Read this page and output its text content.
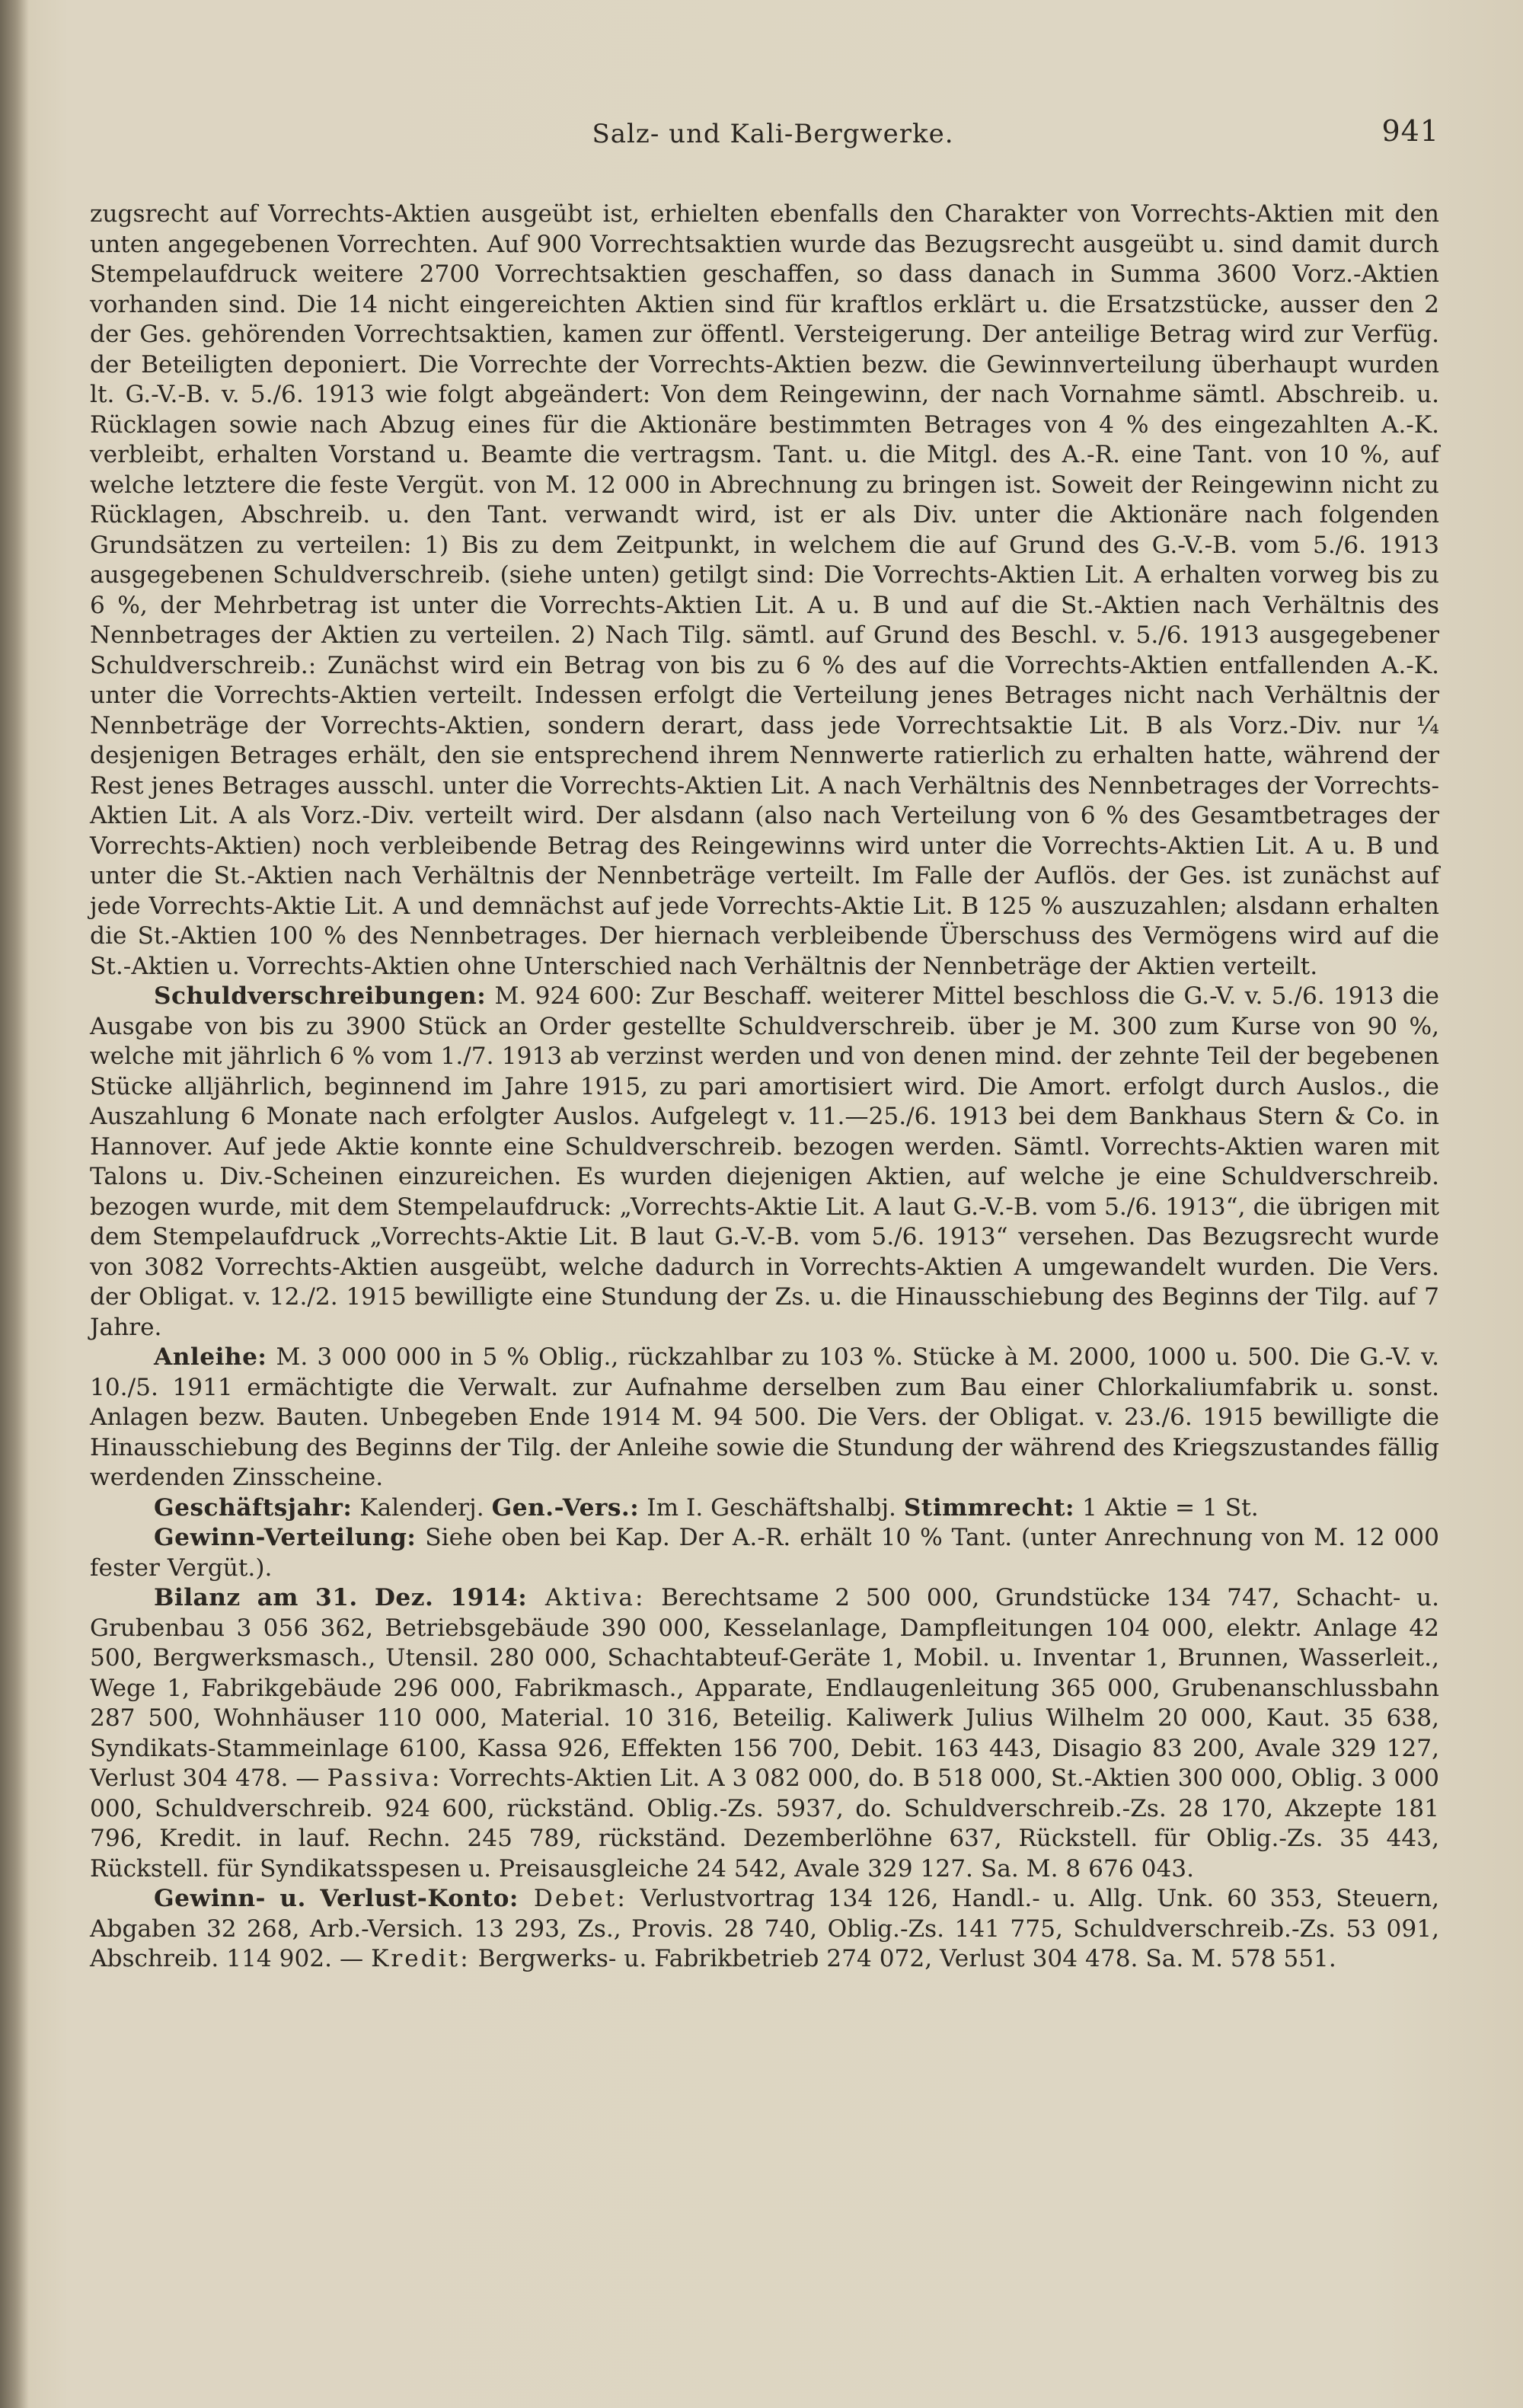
Salz- und Kali-Bergwerke.	941

zugsrecht auf Vorrechts-Aktien ausgeübt ist, erhielten ebenfalls den Charakter von Vorrechts-Aktien mit den unten angegebenen Vorrechten. Auf 900 Vorrechtsaktien wurde das Bezugsrecht ausgeübt u. sind damit durch Stempelaufdruck weitere 2700 Vorrechtsaktien geschaffen, so dass danach in Summa 3600 Vorz.-Aktien vorhanden sind. Die 14 nicht eingereichten Aktien sind für kraftlos erklärt u. die Ersatzstücke, ausser den 2 der Ges. gehörenden Vorrechtsaktien, kamen zur öffentl. Versteigerung. Der anteilige Betrag wird zur Verfüg. der Beteiligten deponiert. Die Vorrechte der Vorrechts-Aktien bezw. die Gewinnverteilung überhaupt wurden lt. G.-V.-B. v. 5./6. 1913 wie folgt abgeändert: Von dem Reingewinn, der nach Vornahme sämtl. Abschreib. u. Rücklagen sowie nach Abzug eines für die Aktionäre bestimmten Betrages von 4 % des eingezahlten A.-K. verbleibt, erhalten Vorstand u. Beamte die vertragsm. Tant. u. die Mitgl. des A.-R. eine Tant. von 10 %, auf welche letztere die feste Vergüt. von M. 12 000 in Abrechnung zu bringen ist. Soweit der Reingewinn nicht zu Rücklagen, Abschreib. u. den Tant. verwandt wird, ist er als Div. unter die Aktionäre nach folgenden Grundsätzen zu verteilen: 1) Bis zu dem Zeitpunkt, in welchem die auf Grund des G.-V.-B. vom 5./6. 1913 ausgegebenen Schuldverschreib. (siehe unten) getilgt sind: Die Vorrechts-Aktien Lit. A erhalten vorweg bis zu 6 %, der Mehrbetrag ist unter die Vorrechts-Aktien Lit. A u. B und auf die St.-Aktien nach Verhältnis des Nennbetrages der Aktien zu verteilen. 2) Nach Tilg. sämtl. auf Grund des Beschl. v. 5./6. 1913 ausgegebener Schuldverschreib.: Zunächst wird ein Betrag von bis zu 6 % des auf die Vorrechts-Aktien entfallenden A.-K. unter die Vorrechts-Aktien verteilt. Indessen erfolgt die Verteilung jenes Betrages nicht nach Verhältnis der Nennbeträge der Vorrechts-Aktien, sondern derart, dass jede Vorrechtsaktie Lit. B als Vorz.-Div. nur ¼ desjenigen Betrages erhält, den sie entsprechend ihrem Nennwerte ratierlich zu erhalten hatte, während der Rest jenes Betrages ausschl. unter die Vorrechts-Aktien Lit. A nach Verhältnis des Nennbetrages der Vorrechts-Aktien Lit. A als Vorz.-Div. verteilt wird. Der alsdann (also nach Verteilung von 6 % des Gesamtbetrages der Vorrechts-Aktien) noch verbleibende Betrag des Reingewinns wird unter die Vorrechts-Aktien Lit. A u. B und unter die St.-Aktien nach Verhältnis der Nennbeträge verteilt. Im Falle der Auflös. der Ges. ist zunächst auf jede Vorrechts-Aktie Lit. A und demnächst auf jede Vorrechts-Aktie Lit. B 125 % auszuzahlen; alsdann erhalten die St.-Aktien 100 % des Nennbetrages. Der hiernach verbleibende Überschuss des Vermögens wird auf die St.-Aktien u. Vorrechts-Aktien ohne Unterschied nach Verhältnis der Nennbeträge der Aktien verteilt.

Schuldverschreibungen: M. 924 600: Zur Beschaff. weiterer Mittel beschloss die G.-V. v. 5./6. 1913 die Ausgabe von bis zu 3900 Stück an Order gestellte Schuldverschreib. über je M. 300 zum Kurse von 90 %, welche mit jährlich 6 % vom 1./7. 1913 ab verzinst werden und von denen mind. der zehnte Teil der begebenen Stücke alljährlich, beginnend im Jahre 1915, zu pari amortisiert wird. Die Amort. erfolgt durch Auslos., die Auszahlung 6 Monate nach erfolgter Auslos. Aufgelegt v. 11.—25./6. 1913 bei dem Bankhaus Stern & Co. in Hannover. Auf jede Aktie konnte eine Schuldverschreib. bezogen werden. Sämtl. Vorrechts-Aktien waren mit Talons u. Div.-Scheinen einzureichen. Es wurden diejenigen Aktien, auf welche je eine Schuldverschreib. bezogen wurde, mit dem Stempelaufdruck: „Vorrechts-Aktie Lit. A laut G.-V.-B. vom 5./6. 1913“, die übrigen mit dem Stempelaufdruck „Vorrechts-Aktie Lit. B laut G.-V.-B. vom 5./6. 1913“ versehen. Das Bezugsrecht wurde von 3082 Vorrechts-Aktien ausgeübt, welche dadurch in Vorrechts-Aktien A umgewandelt wurden. Die Vers. der Obligat. v. 12./2. 1915 bewilligte eine Stundung der Zs. u. die Hinausschiebung des Beginns der Tilg. auf 7 Jahre.

Anleihe: M. 3 000 000 in 5 % Oblig., rückzahlbar zu 103 %. Stücke à M. 2000, 1000 u. 500. Die G.-V. v. 10./5. 1911 ermächtigte die Verwalt. zur Aufnahme derselben zum Bau einer Chlorkaliumfabrik u. sonst. Anlagen bezw. Bauten. Unbegeben Ende 1914 M. 94 500. Die Vers. der Obligat. v. 23./6. 1915 bewilligte die Hinausschiebung des Beginns der Tilg. der Anleihe sowie die Stundung der während des Kriegszustandes fällig werdenden Zinsscheine.

Geschäftsjahr: Kalenderj. Gen.-Vers.: Im I. Geschäftshalbj. Stimmrecht: 1 Aktie = 1 St.

Gewinn-Verteilung: Siehe oben bei Kap. Der A.-R. erhält 10 % Tant. (unter Anrechnung von M. 12 000 fester Vergüt.).

Bilanz am 31. Dez. 1914: Aktiva: Berechtsame 2 500 000, Grundstücke 134 747, Schacht- u. Grubenbau 3 056 362, Betriebsgebäude 390 000, Kesselanlage, Dampfleitungen 104 000, elektr. Anlage 42 500, Bergwerksmasch., Utensil. 280 000, Schachtabteuf-Geräte 1, Mobil. u. Inventar 1, Brunnen, Wasserleit., Wege 1, Fabrikgebäude 296 000, Fabrikmasch., Apparate, Endlaugenleitung 365 000, Grubenanschlussbahn 287 500, Wohnhäuser 110 000, Material. 10 316, Beteilig. Kaliwerk Julius Wilhelm 20 000, Kaut. 35 638, Syndikats-Stammeinlage 6100, Kassa 926, Effekten 156 700, Debit. 163 443, Disagio 83 200, Avale 329 127, Verlust 304 478. — Passiva: Vorrechts-Aktien Lit. A 3 082 000, do. B 518 000, St.-Aktien 300 000, Oblig. 3 000 000, Schuldverschreib. 924 600, rückständ. Oblig.-Zs. 5937, do. Schuldverschreib.-Zs. 28 170, Akzepte 181 796, Kredit. in lauf. Rechn. 245 789, rückständ. Dezemberlöhne 637, Rückstell. für Oblig.-Zs. 35 443, Rückstell. für Syndikatsspesen u. Preisausgleiche 24 542, Avale 329 127. Sa. M. 8 676 043.

Gewinn- u. Verlust-Konto: Debet: Verlustvortrag 134 126, Handl.- u. Allg. Unk. 60 353, Steuern, Abgaben 32 268, Arb.-Versich. 13 293, Zs., Provis. 28 740, Oblig.-Zs. 141 775, Schuldverschreib.-Zs. 53 091, Abschreib. 114 902. — Kredit: Bergwerks- u. Fabrikbetrieb 274 072, Verlust 304 478. Sa. M. 578 551.
